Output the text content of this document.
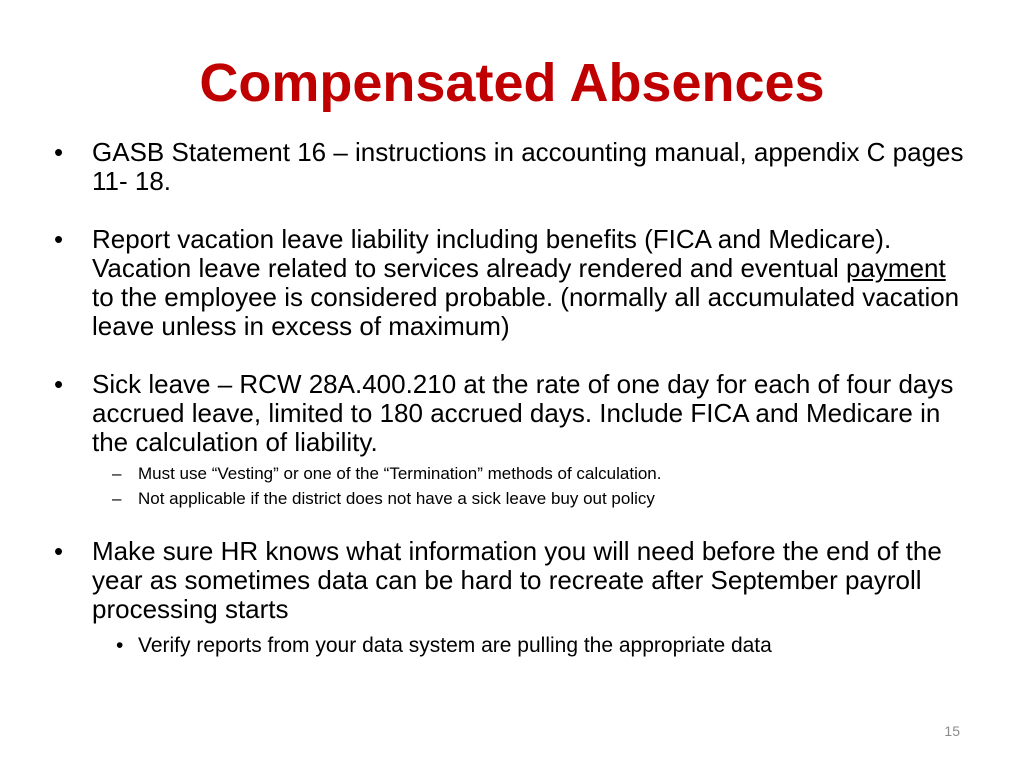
Compensated Absences
•	GASB Statement 16 – instructions in accounting manual, appendix C pages 11- 18.
•	Report vacation leave liability including benefits (FICA and Medicare). Vacation leave related to services already rendered and eventual payment to the employee is considered probable. (normally all accumulated vacation leave unless in excess of maximum)
•	Sick leave – RCW 28A.400.210 at the rate of one day for each of four days accrued leave, limited to 180 accrued days. Include FICA and Medicare in the calculation of liability.
– Must use “Vesting” or one of the “Termination” methods of calculation.
– Not applicable if the district does not have a sick leave buy out policy
•	Make sure HR knows what information you will need before the end of the year as sometimes data can be hard to recreate after September payroll processing starts
• Verify reports from your data system are pulling the appropriate data
15
